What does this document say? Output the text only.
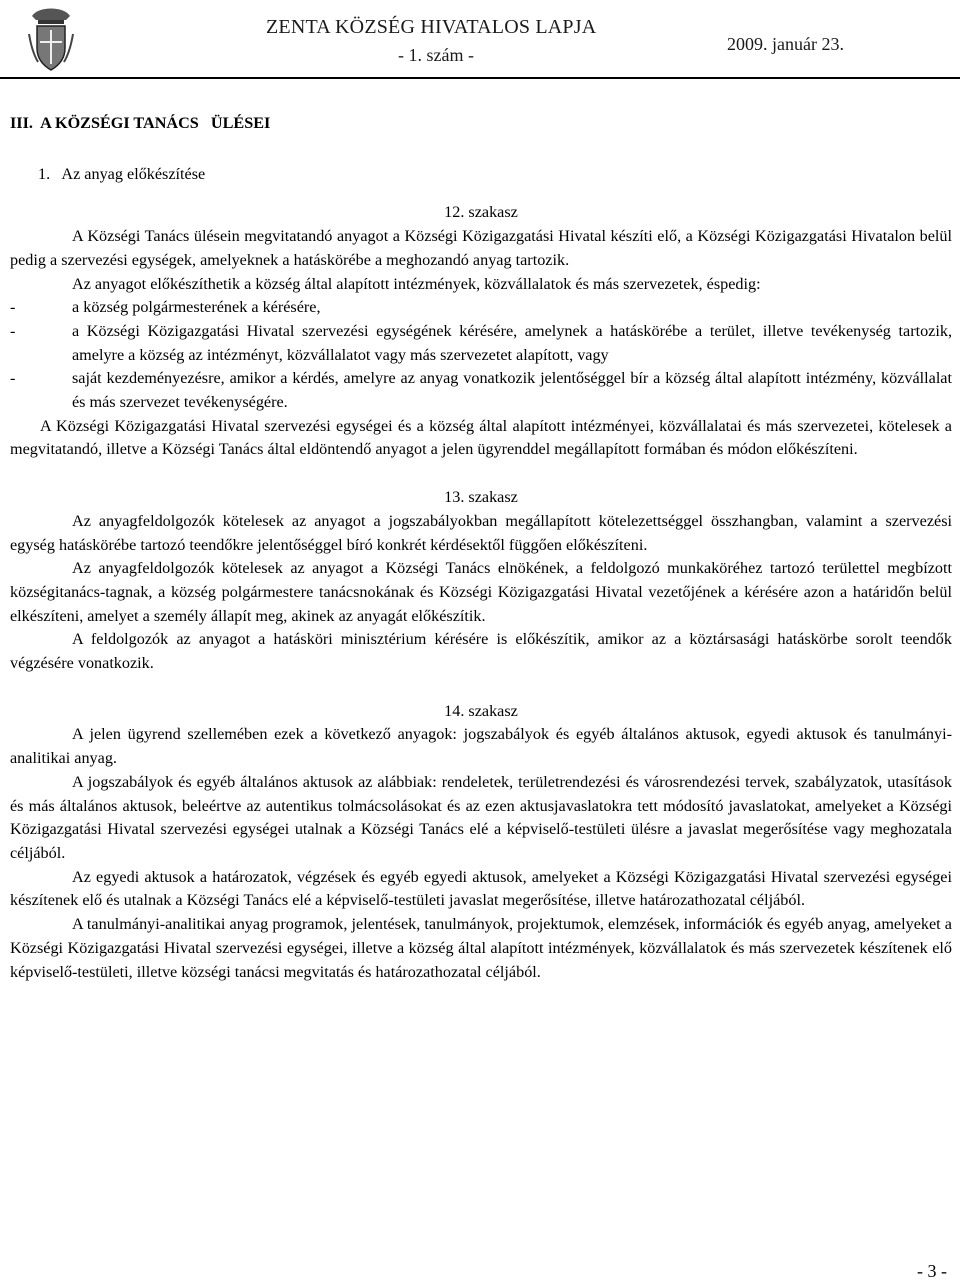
ZENTA KÖZSÉG HIVATALOS LAPJA
- 1. szám -
2009. január 23.

III.  A KÖZSÉGI TANÁCS   ÜLÉSEI

1.   Az anyag előkészítése

12. szakasz

A Községi Tanács ülésein megvitatandó anyagot a Községi Közigazgatási Hivatal készíti elő, a Községi Közigazgatási Hivatalon belül pedig a szervezési egységek, amelyeknek a hatáskörébe a meghozandó anyag tartozik.

Az anyagot előkészíthetik a község által alapított intézmények, közvállalatok és más szervezetek, éspedig:

-	a község polgármesterének a kérésére,
-	a Községi Közigazgatási Hivatal szervezési egységének kérésére, amelynek a hatáskörébe a terület, illetve tevékenység tartozik, amelyre a község az intézményt, közvállalatot vagy más szervezetet alapított, vagy
-	saját kezdeményezésre, amikor a kérdés, amelyre az anyag vonatkozik jelentőséggel bír a község által alapított intézmény, közvállalat és más szervezet tevékenységére.

A Községi Közigazgatási Hivatal szervezési egységei és a község által alapított intézményei, közvállalatai és más szervezetei, kötelesek a megvitatandó, illetve a Községi Tanács által eldöntendő anyagot a jelen ügyrenddel megállapított formában és módon előkészíteni.

13. szakasz

Az anyagfeldolgozók kötelesek az anyagot a jogszabályokban megállapított kötelezettséggel összhangban, valamint a szervezési egység hatáskörébe tartozó teendőkre jelentőséggel bíró konkrét kérdésektől függően előkészíteni.

Az anyagfeldolgozók kötelesek az anyagot a Községi Tanács elnökének, a feldolgozó munkaköréhez tartozó területtel megbízott községitanács-tagnak, a község polgármestere tanácsnokának és Községi Közigazgatási Hivatal vezetőjének a kérésére azon a határidőn belül elkészíteni, amelyet a személy állapít meg, akinek az anyagát előkészítik.

A feldolgozók az anyagot a hatásköri minisztérium kérésére is előkészítik, amikor az a köztársasági hatáskörbe sorolt teendők végzésére vonatkozik.

14. szakasz

A jelen ügyrend szellemében ezek a következő anyagok: jogszabályok és egyéb általános aktusok, egyedi aktusok és tanulmányi-analitikai anyag.

A jogszabályok és egyéb általános aktusok az alábbiak: rendeletek, területrendezési és városrendezési tervek, szabályzatok, utasítások és más általános aktusok, beleértve az autentikus tolmácsolásokat és az ezen aktusjavaslatokra tett módosító javaslatokat, amelyeket a Községi Közigazgatási Hivatal szervezési egységei utalnak a Községi Tanács elé a képviselő-testületi ülésre a javaslat megerősítése vagy meghozatala céljából.

Az egyedi aktusok a határozatok, végzések és egyéb egyedi aktusok, amelyeket a Községi Közigazgatási Hivatal szervezési egységei készítenek elő és utalnak a Községi Tanács elé a képviselő-testületi javaslat megerősítése, illetve határozathozatal céljából.

A tanulmányi-analitikai anyag programok, jelentések, tanulmányok, projektumok, elemzések, információk és egyéb anyag, amelyeket a Községi Közigazgatási Hivatal szervezési egységei, illetve a község által alapított intézmények, közvállalatok és más szervezetek készítenek elő képviselő-testületi, illetve községi tanácsi megvitatás és határozathozatal céljából.

- 3 -
